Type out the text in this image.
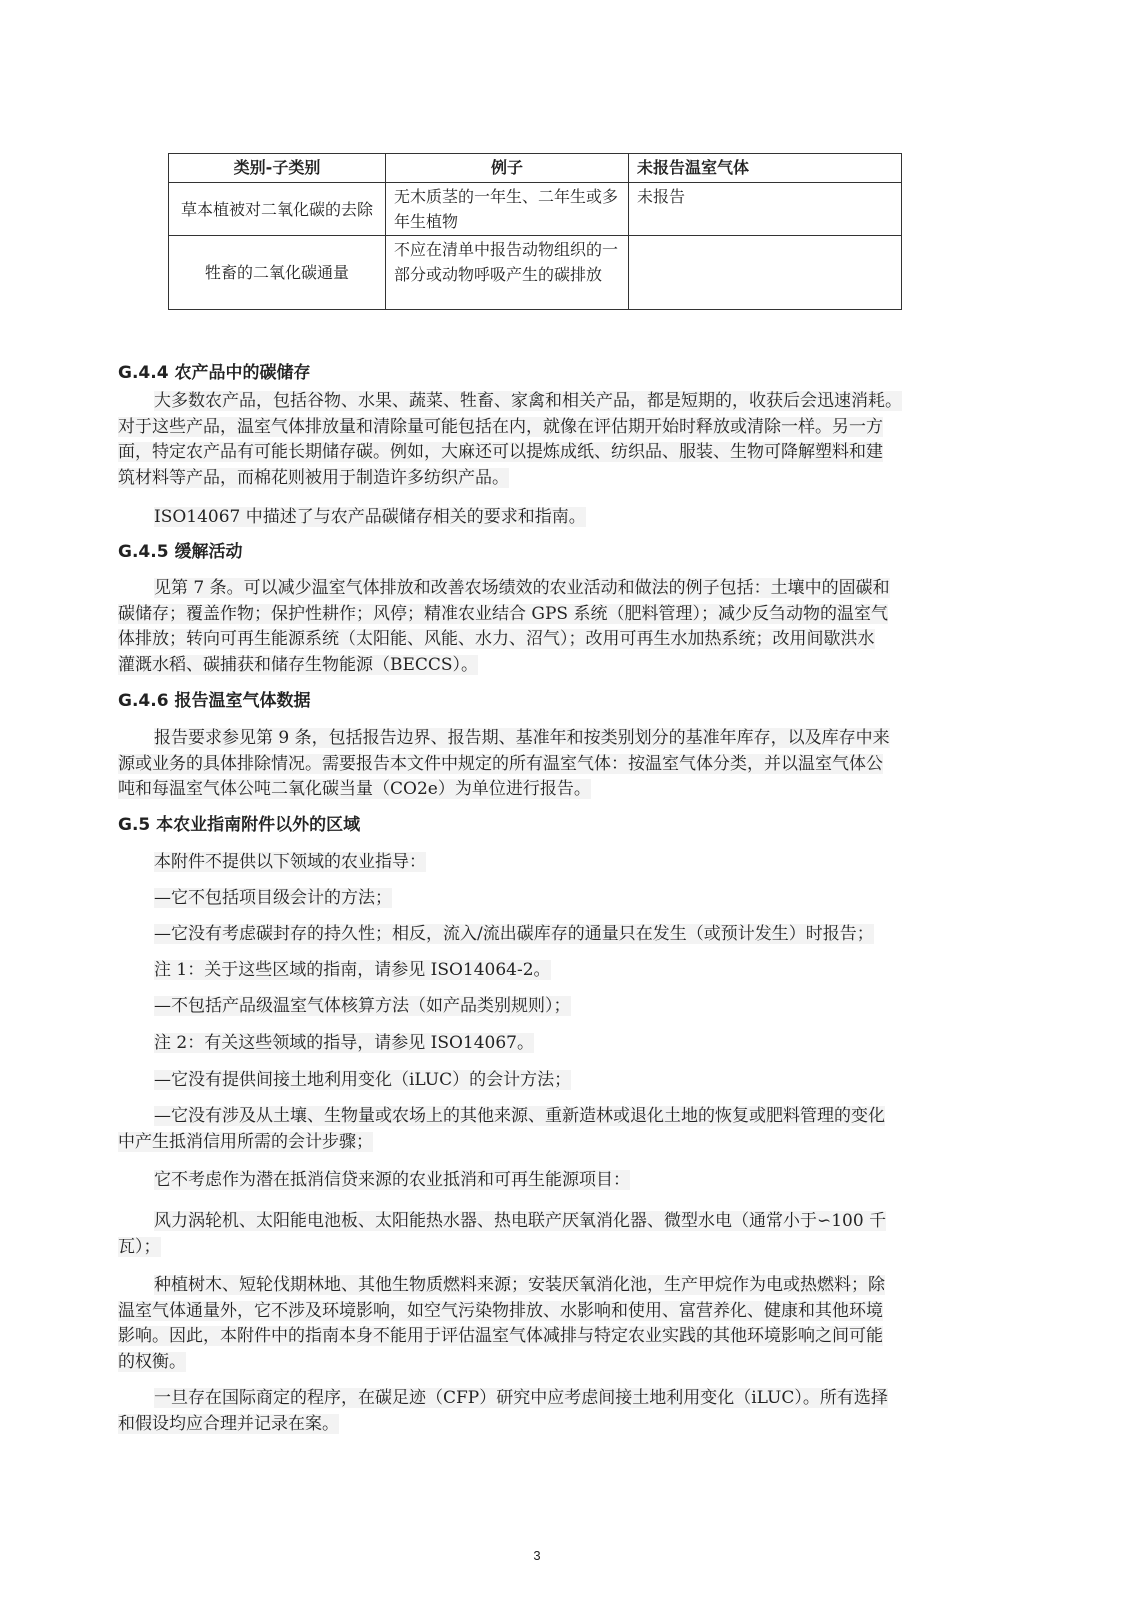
类别-子类别	例子	未报告温室气体
草本植被对二氧化碳的去除	无木质茎的一年生、二年生或多年生植物	未报告
牲畜的二氧化碳通量	不应在清单中报告动物组织的一部分或动物呼吸产生的碳排放	
G.4.4 农产品中的碳储存
大多数农产品，包括谷物、水果、蔬菜、牲畜、家禽和相关产品，都是短期的，收获后会迅速消耗。
对于这些产品，温室气体排放量和清除量可能包括在内，就像在评估期开始时释放或清除一样。另一方
面，特定农产品有可能长期储存碳。例如，大麻还可以提炼成纸、纺织品、服装、生物可降解塑料和建
筑材料等产品，而棉花则被用于制造许多纺织产品。
ISO14067 中描述了与农产品碳储存相关的要求和指南。
G.4.5 缓解活动
见第 7 条。可以减少温室气体排放和改善农场绩效的农业活动和做法的例子包括：土壤中的固碳和
碳储存；覆盖作物；保护性耕作；风停；精准农业结合 GPS 系统（肥料管理）；减少反刍动物的温室气
体排放；转向可再生能源系统（太阳能、风能、水力、沼气）；改用可再生水加热系统；改用间歇洪水
灌溉水稻、碳捕获和储存生物能源（BECCS）。
G.4.6 报告温室气体数据
报告要求参见第 9 条，包括报告边界、报告期、基准年和按类别划分的基准年库存，以及库存中来
源或业务的具体排除情况。需要报告本文件中规定的所有温室气体：按温室气体分类，并以温室气体公
吨和每温室气体公吨二氧化碳当量（CO2e）为单位进行报告。
G.5 本农业指南附件以外的区域
本附件不提供以下领域的农业指导：
—它不包括项目级会计的方法；
—它没有考虑碳封存的持久性；相反，流入/流出碳库存的通量只在发生（或预计发生）时报告；
注 1：关于这些区域的指南，请参见 ISO14064-2。
—不包括产品级温室气体核算方法（如产品类别规则）；
注 2：有关这些领域的指导，请参见 ISO14067。
—它没有提供间接土地利用变化（iLUC）的会计方法；
—它没有涉及从土壤、生物量或农场上的其他来源、重新造林或退化土地的恢复或肥料管理的变化
中产生抵消信用所需的会计步骤；
它不考虑作为潜在抵消信贷来源的农业抵消和可再生能源项目：
风力涡轮机、太阳能电池板、太阳能热水器、热电联产厌氧消化器、微型水电（通常小于∽100 千
瓦）；
种植树木、短轮伐期林地、其他生物质燃料来源；安装厌氧消化池，生产甲烷作为电或热燃料；除
温室气体通量外，它不涉及环境影响，如空气污染物排放、水影响和使用、富营养化、健康和其他环境
影响。因此，本附件中的指南本身不能用于评估温室气体减排与特定农业实践的其他环境影响之间可能
的权衡。
一旦存在国际商定的程序，在碳足迹（CFP）研究中应考虑间接土地利用变化（iLUC）。所有选择
和假设均应合理并记录在案。
3
